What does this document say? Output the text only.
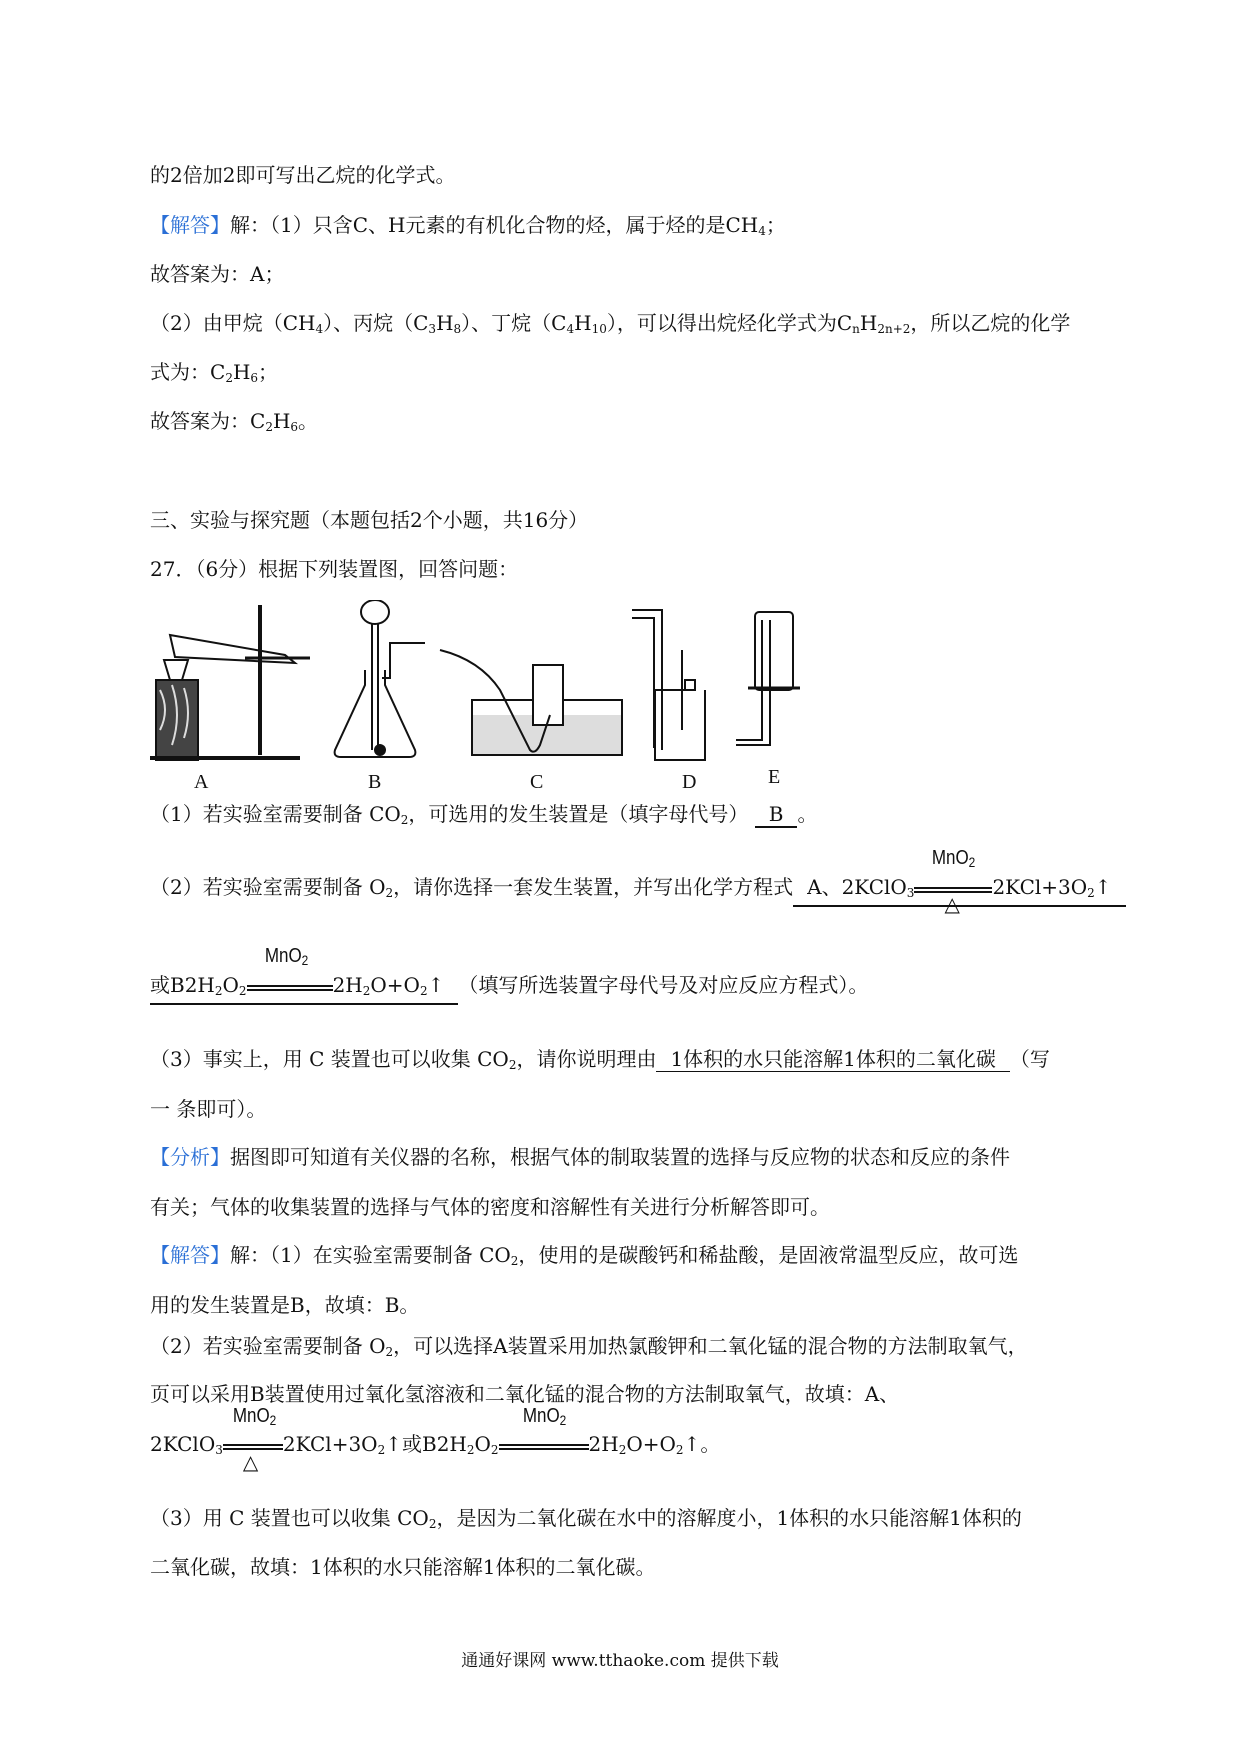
的2倍加2即可写出乙烷的化学式。
【解答】解：（1）只含C、H元素的有机化合物的烃，属于烃的是$CH_4$；
故答案为：A；
（2）由甲烷$(CH_4)$、丙烷$(C_3H_8)$、丁烷$(C_4H_{10})$，可以得出烷烃化学式为$C_nH_{2n+2}$，所以乙烷的化学
式为：$C_2H_6$；
故答案为：$C_2H_6$。
三、实验与探究题（本题包括2个小题，共16分）
27．（6分）根据下列装置图，回答问题：
A	B	C	D	E
（1）若实验室需要制备 $CO_2$，可选用的发生装置是（填字母代号） B 。
（2）若实验室需要制备 $O_2$，请你选择一套发生装置，并写出化学方程式 A、2KClO$_3$
MnO$_2$
△
$2KCl+3O_2↑$
或$B2H_2O_2$
MnO$_2$
$2H_2O+O_2↑$ （填写所选装置字母代号及对应反应方程式）。
（3）事实上，用 C 装置也可以收集 $CO_2$，请你说明理由 1体积的水只能溶解1体积的二氧化碳 （写
一 条即可）。
【分析】据图即可知道有关仪器的名称，根据气体的制取装置的选择与反应物的状态和反应的条件
有关；气体的收集装置的选择与气体的密度和溶解性有关进行分析解答即可。
【解答】解：（1）在实验室需要制备 $CO_2$，使用的是碳酸钙和稀盐酸，是固液常温型反应，故可选
用的发生装置是B，故填：B。
（2）若实验室需要制备 $O_2$，可以选择A装置采用加热氯酸钾和二氧化锰的混合物的方法制取氧气，
页可以采用B装置使用过氧化氢溶液和二氧化锰的混合物的方法制取氧气，故填：A、
2KClO$_3$
MnO$_2$
△
$2KCl+3O_2↑$或$B2H_2O_2$
MnO$_2$
$2H_2O+O_2↑$。
（3）用 C 装置也可以收集 $CO_2$，是因为二氧化碳在水中的溶解度小，1体积的水只能溶解1体积的
二氧化碳，故填：1体积的水只能溶解1体积的二氧化碳。
通通好课网 www.tthaoke.com 提供下载
